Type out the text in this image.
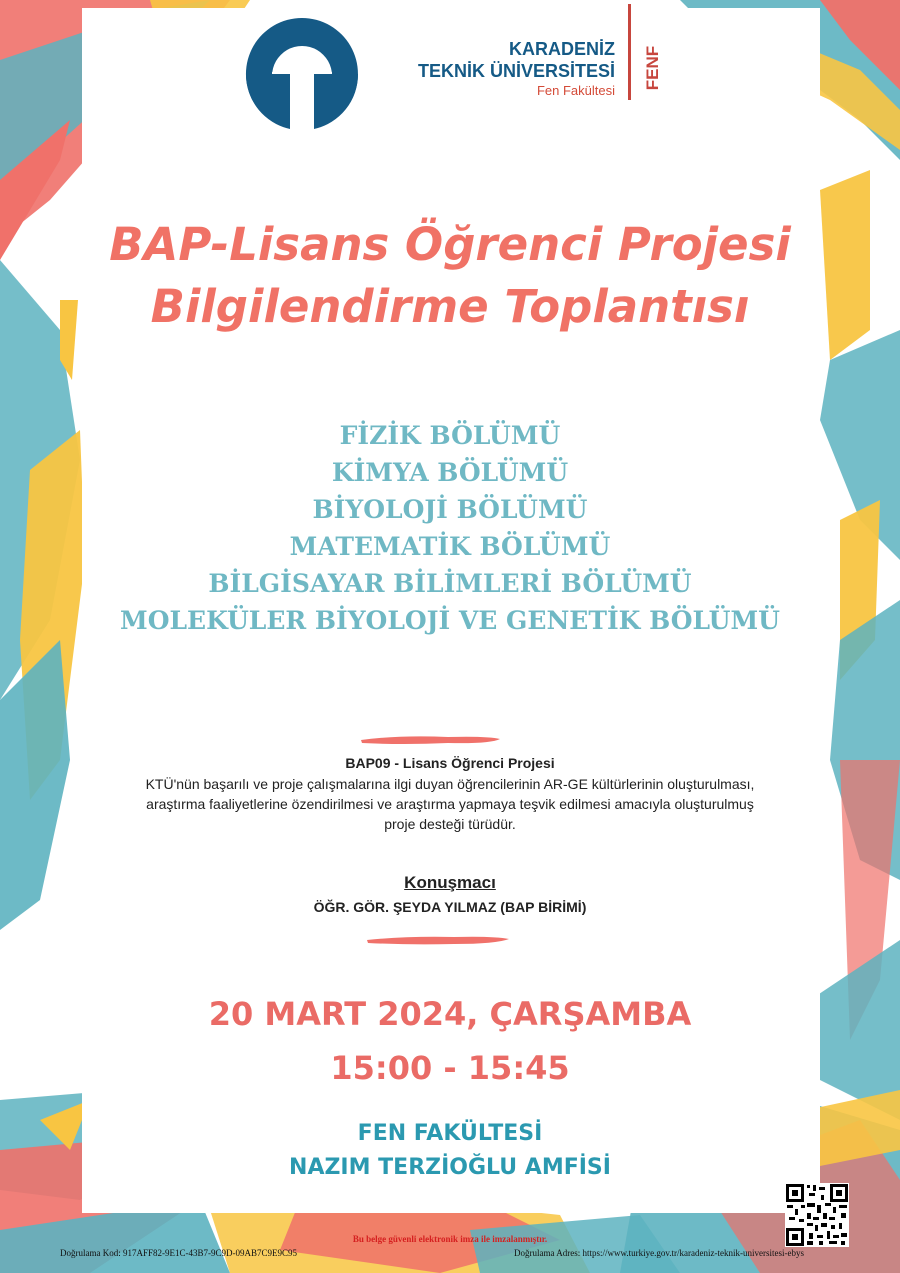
KARADENİZ
TEKNİK ÜNİVERSİTESİ
Fen Fakültesi
FENF
BAP-Lisans Öğrenci Projesi
Bilgilendirme Toplantısı
FİZİK BÖLÜMÜ
KİMYA BÖLÜMÜ
BİYOLOJİ BÖLÜMÜ
MATEMATİK BÖLÜMÜ
BİLGİSAYAR BİLİMLERİ BÖLÜMÜ
MOLEKÜLER BİYOLOJİ VE GENETİK BÖLÜMÜ
BAP09 - Lisans Öğrenci Projesi
KTÜ'nün başarılı ve proje çalışmalarına ilgi duyan öğrencilerinin AR-GE kültürlerinin oluşturulması,
araştırma faaliyetlerine özendirilmesi ve araştırma yapmaya teşvik edilmesi amacıyla oluşturulmuş
proje desteği türüdür.
Konuşmacı
ÖĞR. GÖR. ŞEYDA YILMAZ (BAP BİRİMİ)
20 MART 2024, ÇARŞAMBA
15:00 - 15:45
FEN FAKÜLTESİ
NAZIM TERZİOĞLU AMFİSİ
Bu belge güvenli elektronik imza ile imzalanmıştır.
Doğrulama Kod: 917AFF82-9E1C-43B7-9C9D-09AB7C9E9C95	Doğrulama Adres: https://www.turkiye.gov.tr/karadeniz-teknik-universitesi-ebys
